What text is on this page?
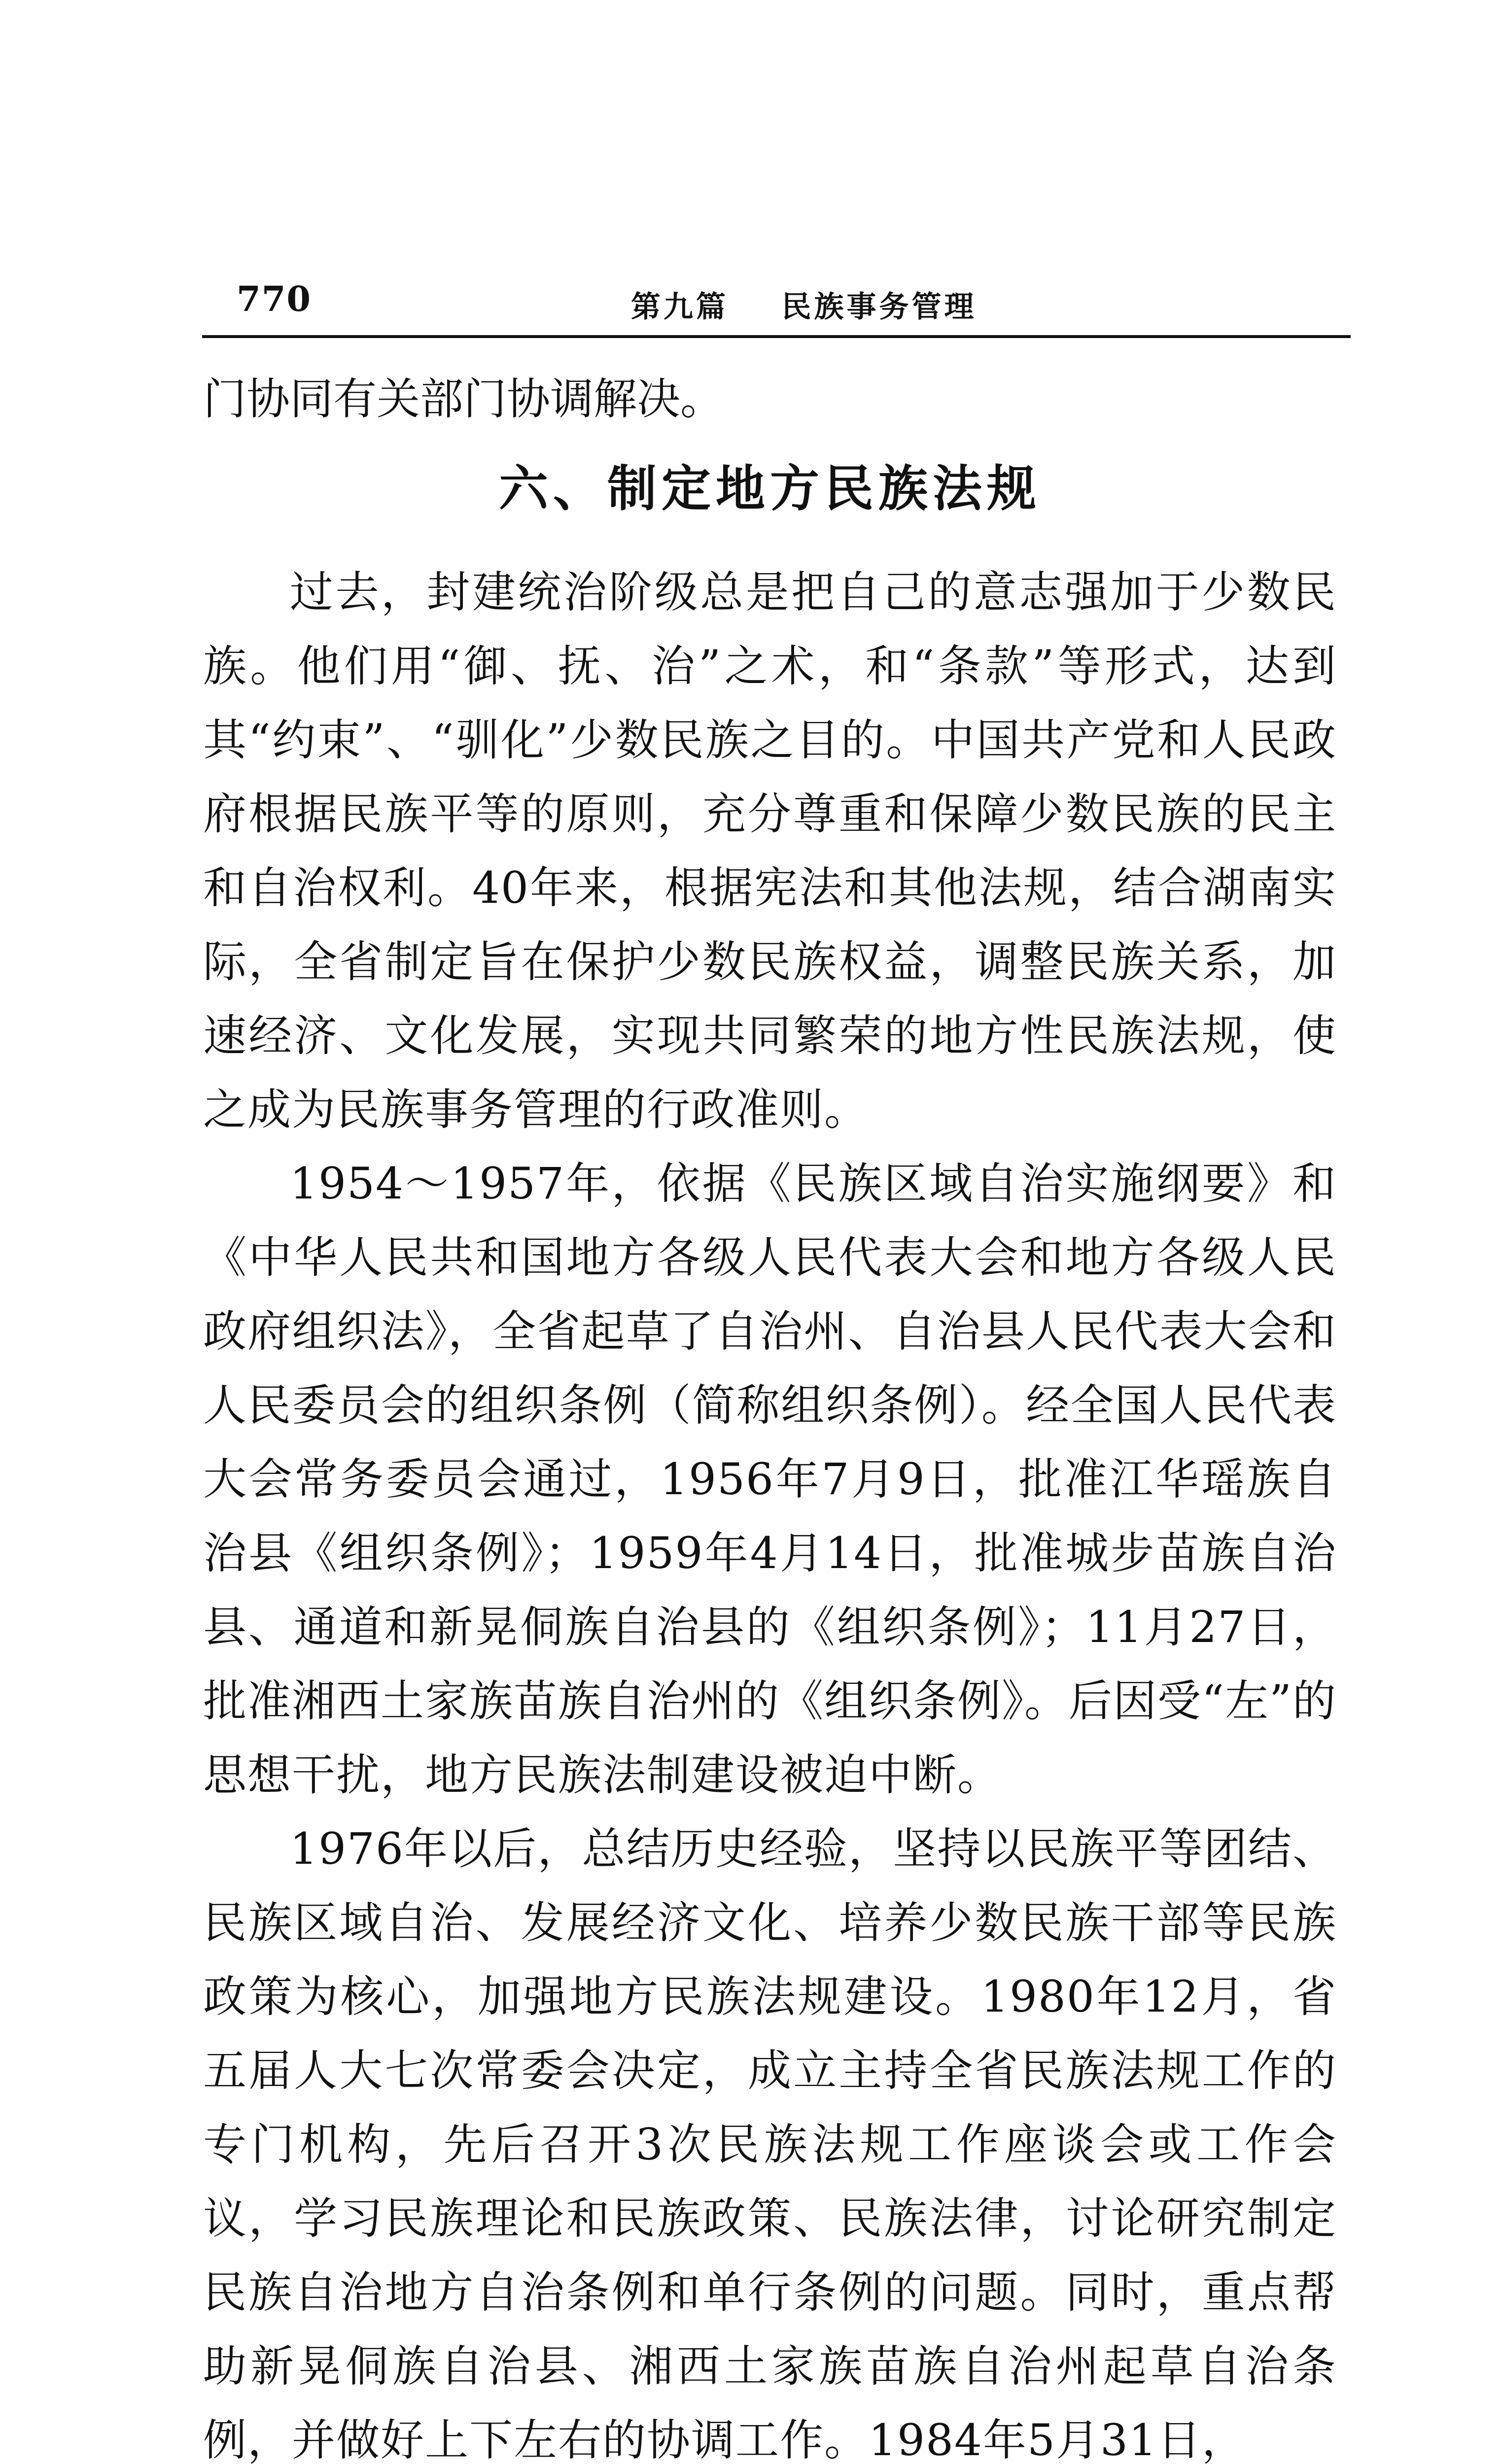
770	第九篇    民族事务管理

门协同有关部门协调解决。

六、制定地方民族法规

过去，封建统治阶级总是把自己的意志强加于少数民族。他们用“御、抚、治”之术，和“条款”等形式，达到其“约束”、“驯化”少数民族之目的。中国共产党和人民政府根据民族平等的原则，充分尊重和保障少数民族的民主和自治权利。40年来，根据宪法和其他法规，结合湖南实际，全省制定旨在保护少数民族权益，调整民族关系，加速经济、文化发展，实现共同繁荣的地方性民族法规，使之成为民族事务管理的行政准则。

1954～1957年，依据《民族区域自治实施纲要》和《中华人民共和国地方各级人民代表大会和地方各级人民政府组织法》，全省起草了自治州、自治县人民代表大会和人民委员会的组织条例（简称组织条例）。经全国人民代表大会常务委员会通过，1956年7月9日，批准江华瑶族自治县《组织条例》；1959年4月14日，批准城步苗族自治县、通道和新晃侗族自治县的《组织条例》；11月27日，批准湘西土家族苗族自治州的《组织条例》。后因受“左”的思想干扰，地方民族法制建设被迫中断。

1976年以后，总结历史经验，坚持以民族平等团结、民族区域自治、发展经济文化、培养少数民族干部等民族政策为核心，加强地方民族法规建设。1980年12月，省五届人大七次常委会决定，成立主持全省民族法规工作的专门机构，先后召开3次民族法规工作座谈会或工作会议，学习民族理论和民族政策、民族法律，讨论研究制定民族自治地方自治条例和单行条例的问题。同时，重点帮助新晃侗族自治县、湘西土家族苗族自治州起草自治条例，并做好上下左右的协调工作。1984年5月31日，
